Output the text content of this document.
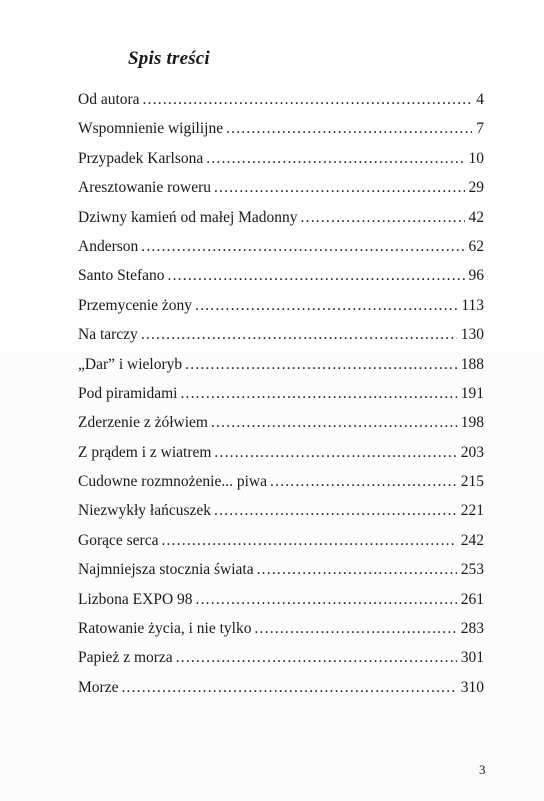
Spis treści
Od autora .....	4
Wspomnienie wigilijne .....	7
Przypadek Karlsona .....	10
Aresztowanie roweru .....	29
Dziwny kamień od małej Madonny .....	42
Anderson .....	62
Santo Stefano .....	96
Przemycenie żony .....	113
Na tarczy .....	130
„Dar” i wieloryb .....	188
Pod piramidami .....	191
Zderzenie z żółwiem .....	198
Z prądem i z wiatrem .....	203
Cudowne rozmnożenie... piwa .....	215
Niezwykły łańcuszek .....	221
Gorące serca .....	242
Najmniejsza stocznia świata .....	253
Lizbona EXPO 98 .....	261
Ratowanie życia, i nie tylko .....	283
Papież z morza .....	301
Morze .....	310
3
